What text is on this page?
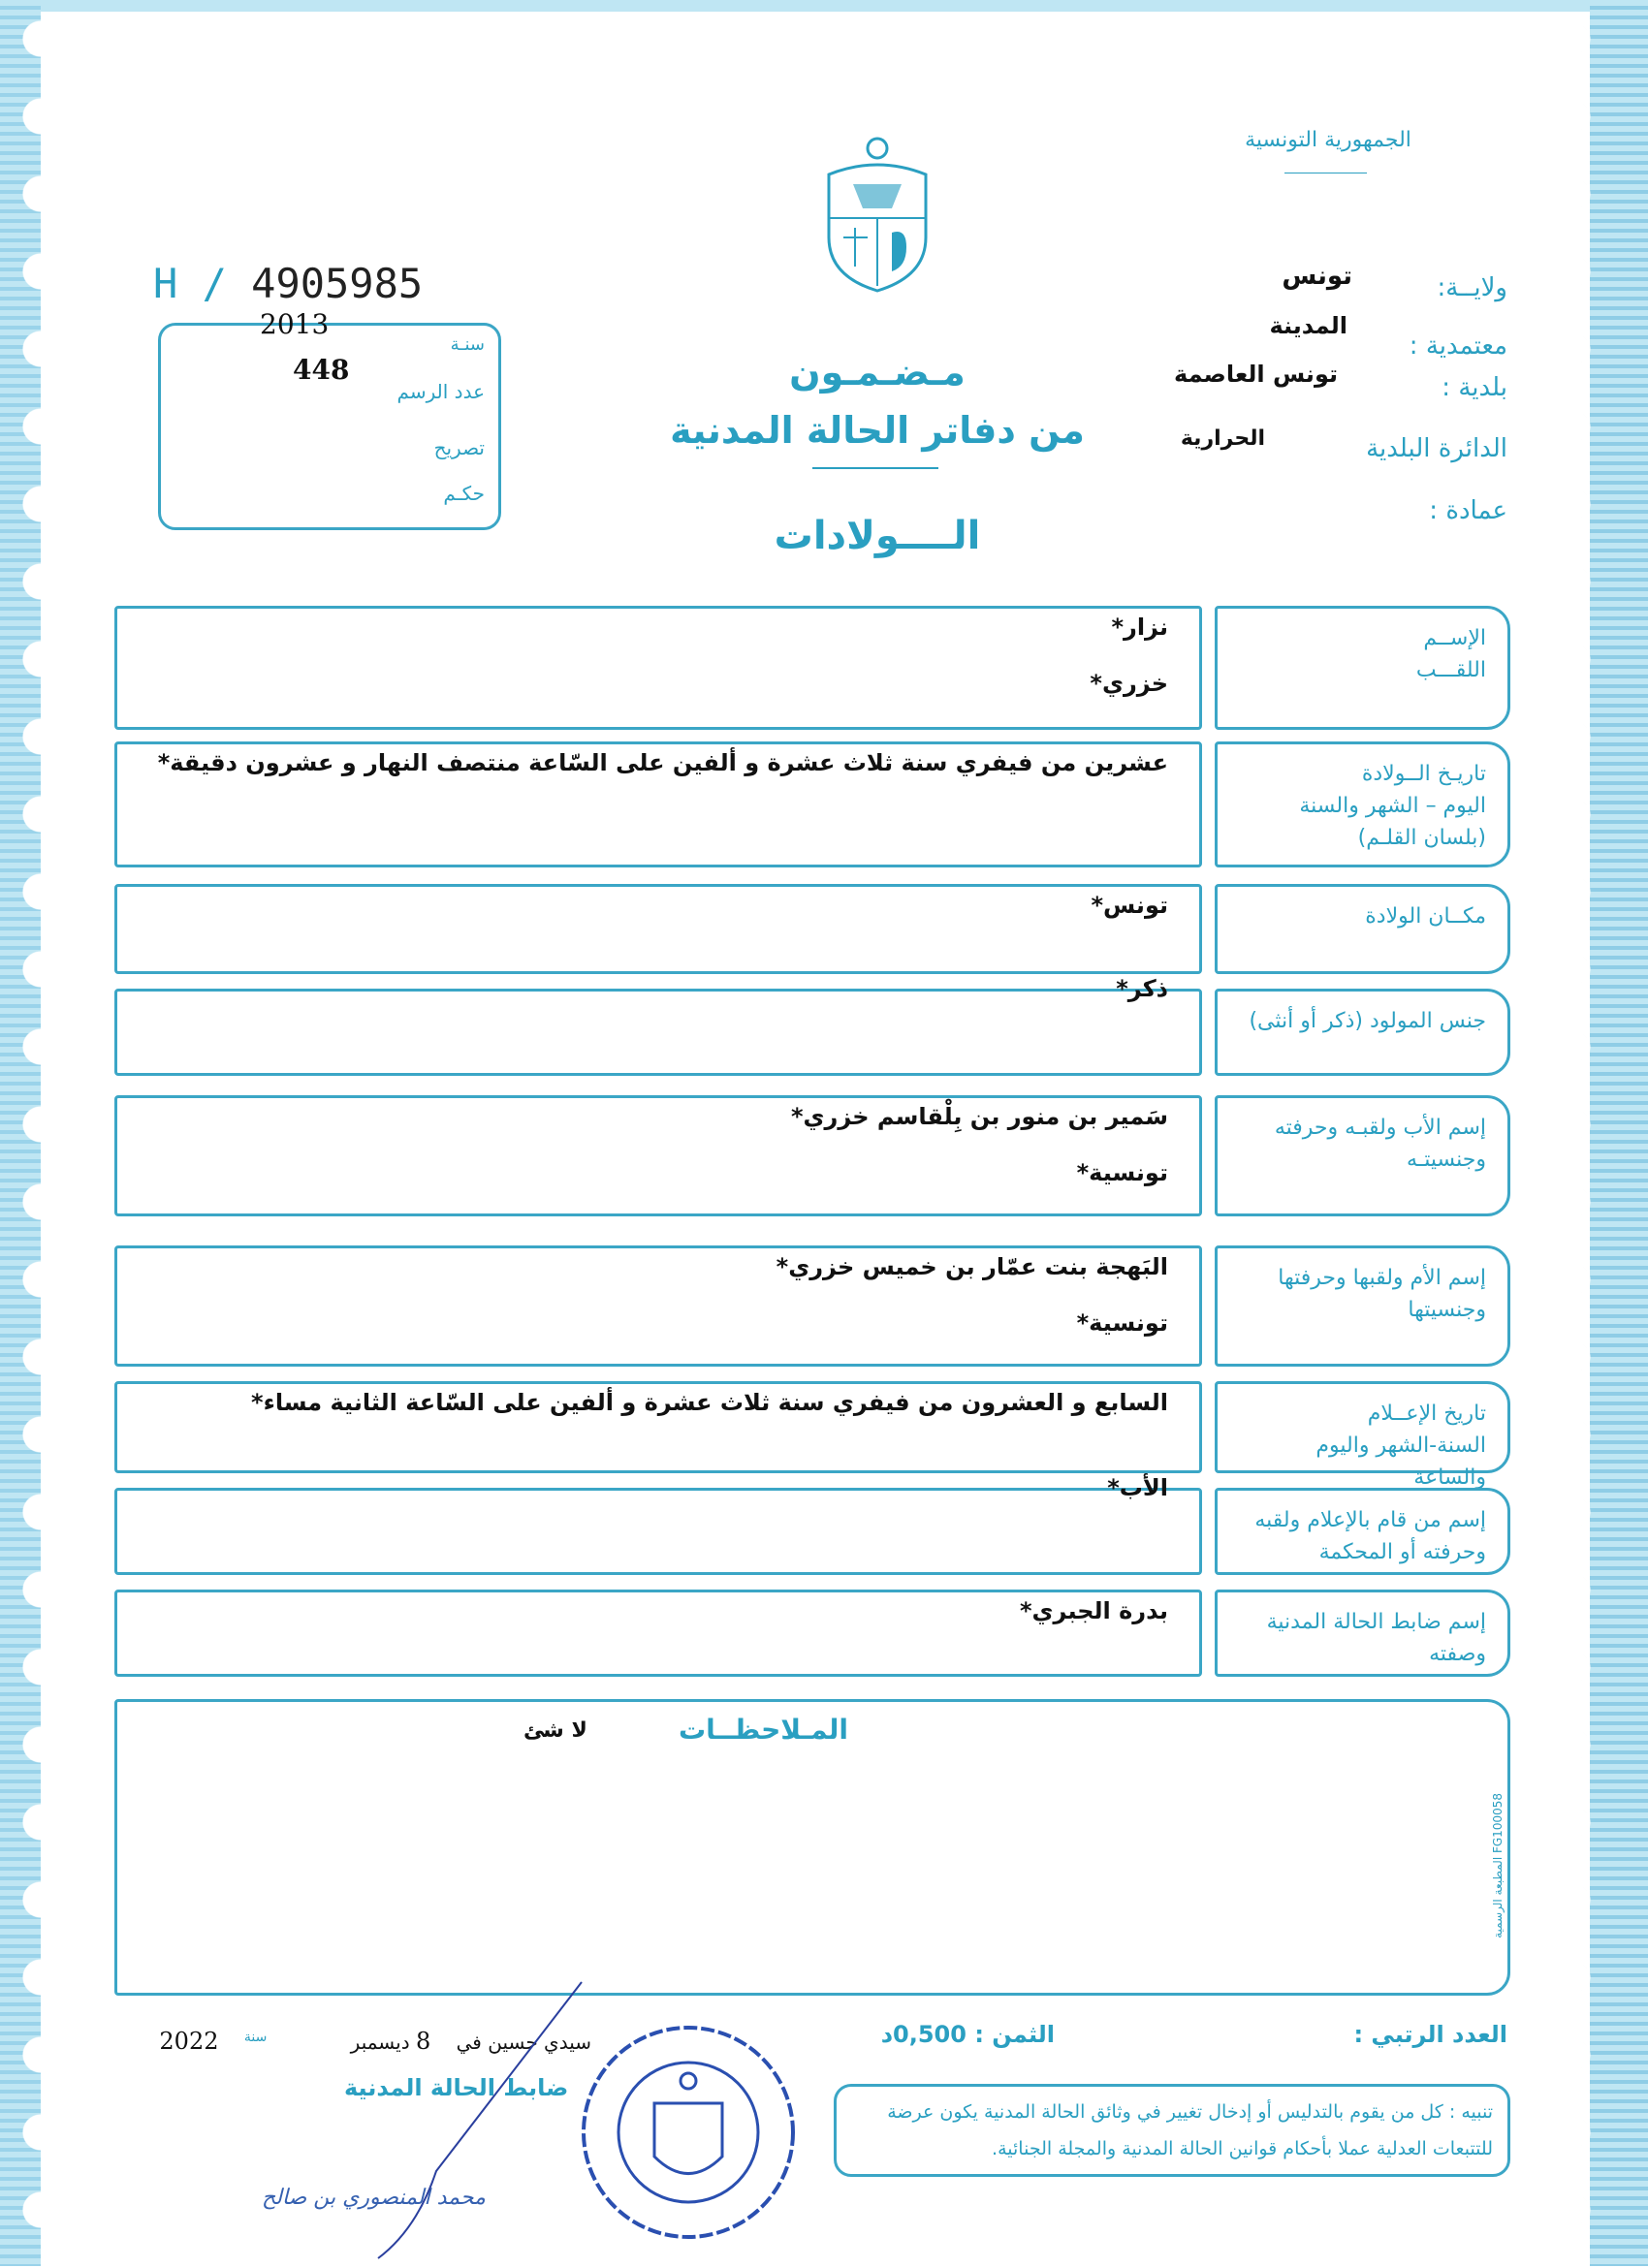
الجمهورية التونسية
H / 4905985
2013
448
سنـة
عدد الرسم
تصريح
حكـم
مـضـمـون
من دفاتر الحالة المدنية
الــــولادات
ولايــة:
تونس
معتمدية :
المدينة
بلدية :
تونس العاصمة
الدائرة البلدية
الحرارية
عمادة :
الإســم
اللقـــب
نزار*
خزري*
تاريـخ الــولادة
اليوم – الشهر والسنة
(بلسان القلـم)
عشرين من فيفري سنة ثلاث عشرة و ألفين على السّاعة منتصف النهار و عشرون دقيقة*
مكــان الولادة
تونس*
جنس المولود (ذكر أو أنثى)
ذكر*
إسم الأب ولقبـه وحرفته
وجنسيتـه
سَمير بن منور بن بِلْقاسم خزري*
تونسية*
إسم الأم ولقبها وحرفتها
وجنسيتها
البَهجة بنت عمّار بن خميس خزري*
تونسية*
تاريخ الإعــلام
السنة-الشهر واليوم والساعة
السابع و العشرون من فيفري سنة ثلاث عشرة و ألفين على السّاعة الثانية مساء*
إسم من قام بالإعلام ولقبه
وحرفته أو المحكمة
الأب*
إسم ضابط الحالة المدنية
وصفته
بدرة الجبري*
المـلاحظــات
لا شئ
المطبعة الرسمية FG100058
العدد الرتبي :
الثمن : 0,500د
سيدي حسين في 8 ديسمبر $^{سنة}$ 2022
ضابط الحالة المدنية
محمد المنصوري بن صالح
تنبيه : كل من يقوم بالتدليس أو إدخال تغيير في وثائق الحالة المدنية يكون عرضة للتتبعات العدلية عملا بأحكام قوانين الحالة المدنية والمجلة الجنائية.
